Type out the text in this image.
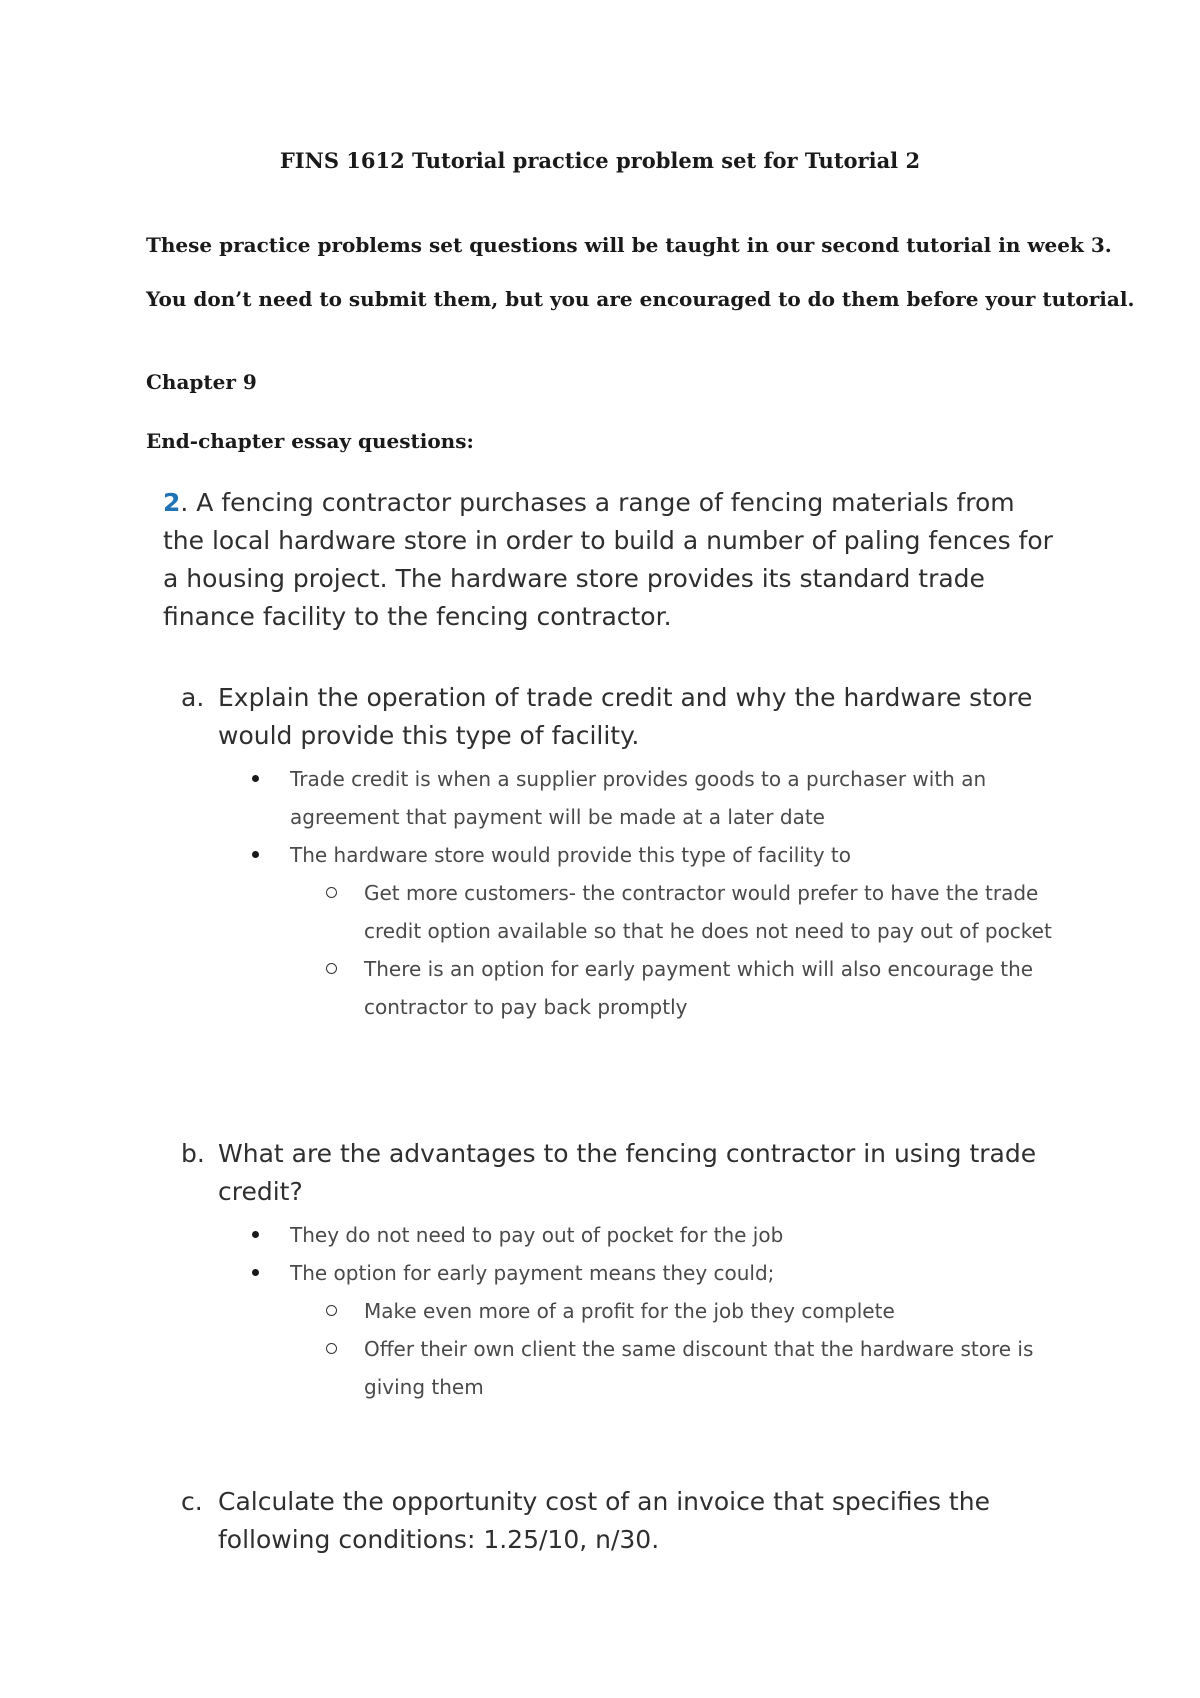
FINS 1612 Tutorial practice problem set for Tutorial 2
These practice problems set questions will be taught in our second tutorial in week 3.
You don’t need to submit them, but you are encouraged to do them before your tutorial.
Chapter 9
End-chapter essay questions:
2. A fencing contractor purchases a range of fencing materials from the local hardware store in order to build a number of paling fences for a housing project. The hardware store provides its standard trade finance facility to the fencing contractor.
a. Explain the operation of trade credit and why the hardware store would provide this type of facility.
Trade credit is when a supplier provides goods to a purchaser with an agreement that payment will be made at a later date
The hardware store would provide this type of facility to
Get more customers- the contractor would prefer to have the trade credit option available so that he does not need to pay out of pocket
There is an option for early payment which will also encourage the contractor to pay back promptly
b. What are the advantages to the fencing contractor in using trade credit?
They do not need to pay out of pocket for the job
The option for early payment means they could;
Make even more of a profit for the job they complete
Offer their own client the same discount that the hardware store is giving them
c. Calculate the opportunity cost of an invoice that specifies the following conditions: 1.25/10, n/30.
